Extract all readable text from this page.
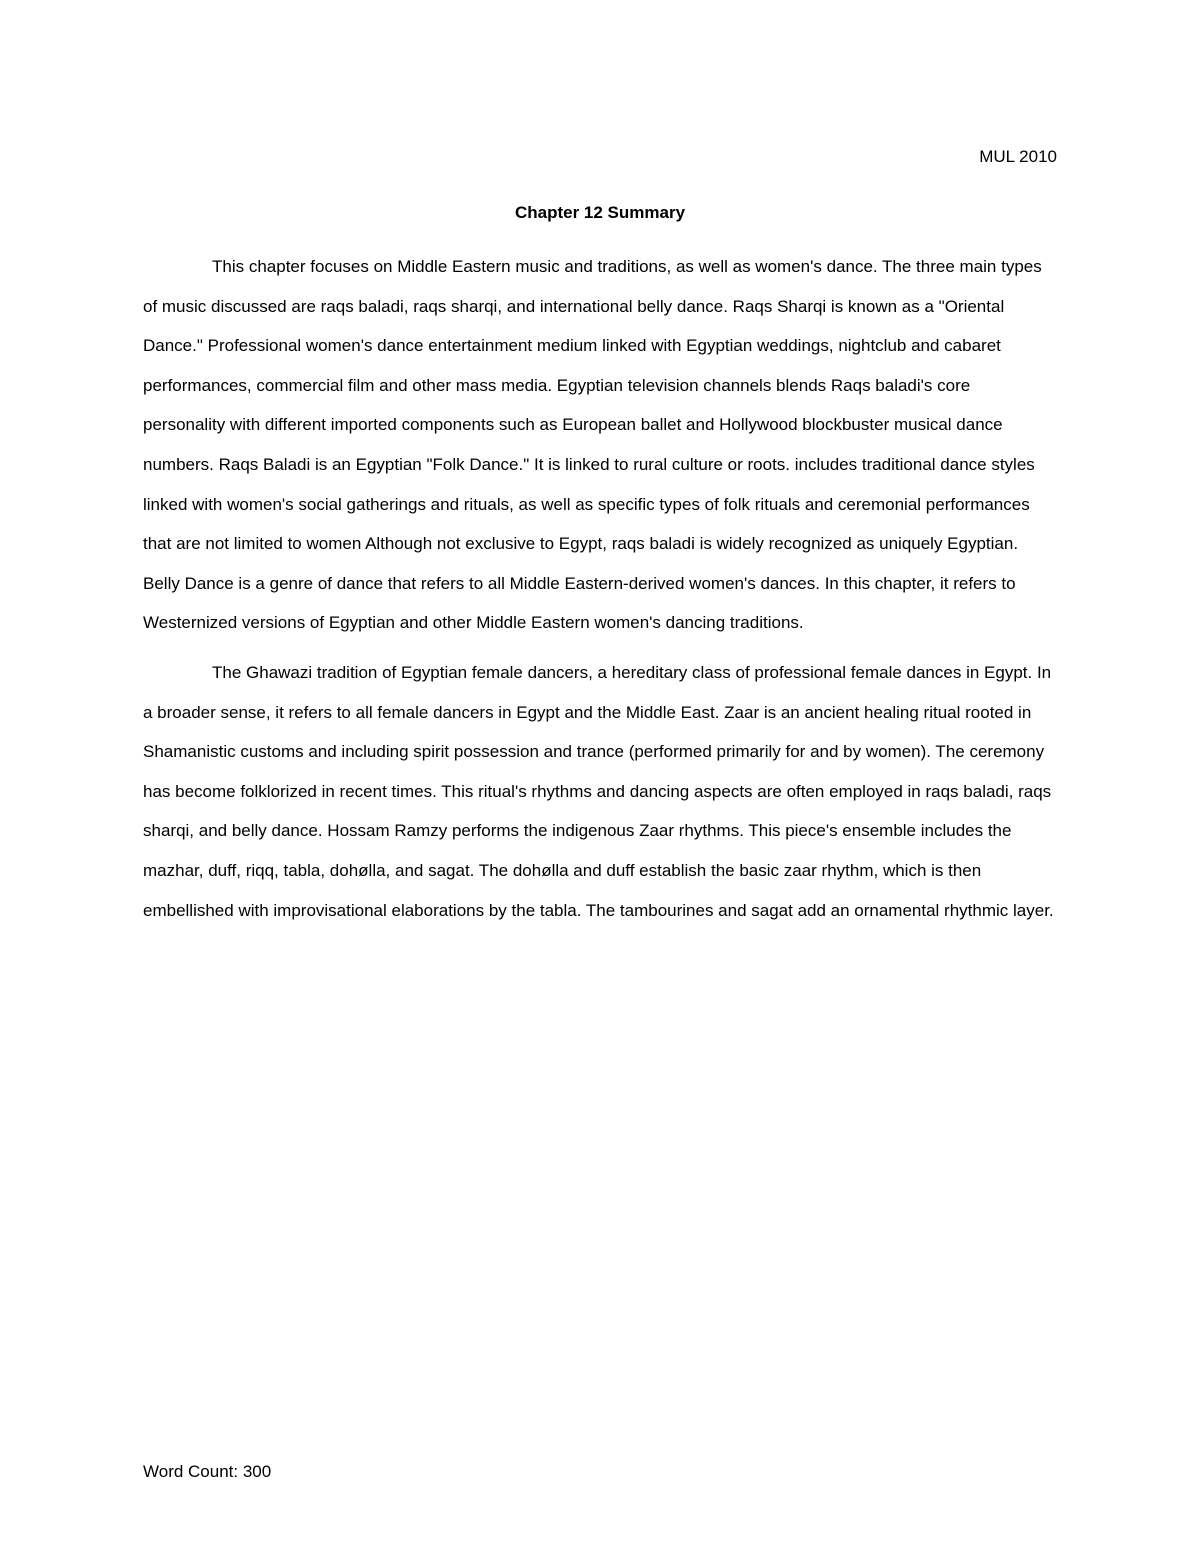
MUL 2010
Chapter 12 Summary

This chapter focuses on Middle Eastern music and traditions, as well as women's dance. The three main types of music discussed are raqs baladi, raqs sharqi, and international belly dance. Raqs Sharqi is known as a "Oriental Dance." Professional women's dance entertainment medium linked with Egyptian weddings, nightclub and cabaret performances, commercial film and other mass media. Egyptian television channels blends Raqs baladi's core personality with different imported components such as European ballet and Hollywood blockbuster musical dance numbers. Raqs Baladi is an Egyptian "Folk Dance." It is linked to rural culture or roots. includes traditional dance styles linked with women's social gatherings and rituals, as well as specific types of folk rituals and ceremonial performances that are not limited to women Although not exclusive to Egypt, raqs baladi is widely recognized as uniquely Egyptian. Belly Dance is a genre of dance that refers to all Middle Eastern-derived women's dances. In this chapter, it refers to Westernized versions of Egyptian and other Middle Eastern women's dancing traditions.

The Ghawazi tradition of Egyptian female dancers, a hereditary class of professional female dances in Egypt. In a broader sense, it refers to all female dancers in Egypt and the Middle East. Zaar is an ancient healing ritual rooted in Shamanistic customs and including spirit possession and trance (performed primarily for and by women). The ceremony has become folklorized in recent times. This ritual's rhythms and dancing aspects are often employed in raqs baladi, raqs sharqi, and belly dance. Hossam Ramzy performs the indigenous Zaar rhythms. This piece's ensemble includes the mazhar, duff, riqq, tabla, dohølla, and sagat. The dohølla and duff establish the basic zaar rhythm, which is then embellished with improvisational elaborations by the tabla. The tambourines and sagat add an ornamental rhythmic layer.

Word Count: 300
